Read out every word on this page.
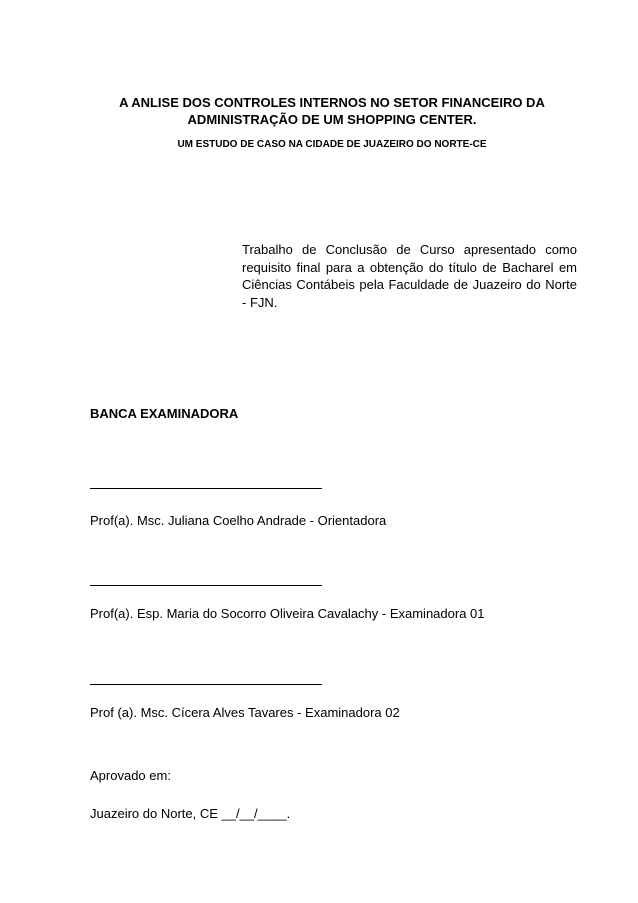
A ANLISE DOS CONTROLES INTERNOS NO SETOR FINANCEIRO DA ADMINISTRAÇÃO DE UM SHOPPING CENTER.
UM ESTUDO DE CASO NA CIDADE DE JUAZEIRO DO NORTE-CE
Trabalho de Conclusão de Curso apresentado como requisito final para a obtenção do título de Bacharel em Ciências Contábeis pela Faculdade de Juazeiro do Norte - FJN.
BANCA EXAMINADORA
Prof(a). Msc. Juliana Coelho Andrade - Orientadora
Prof(a). Esp. Maria do Socorro Oliveira Cavalachy - Examinadora 01
Prof (a). Msc. Cícera Alves Tavares - Examinadora 02
Aprovado em:
Juazeiro do Norte, CE __/__/____.
